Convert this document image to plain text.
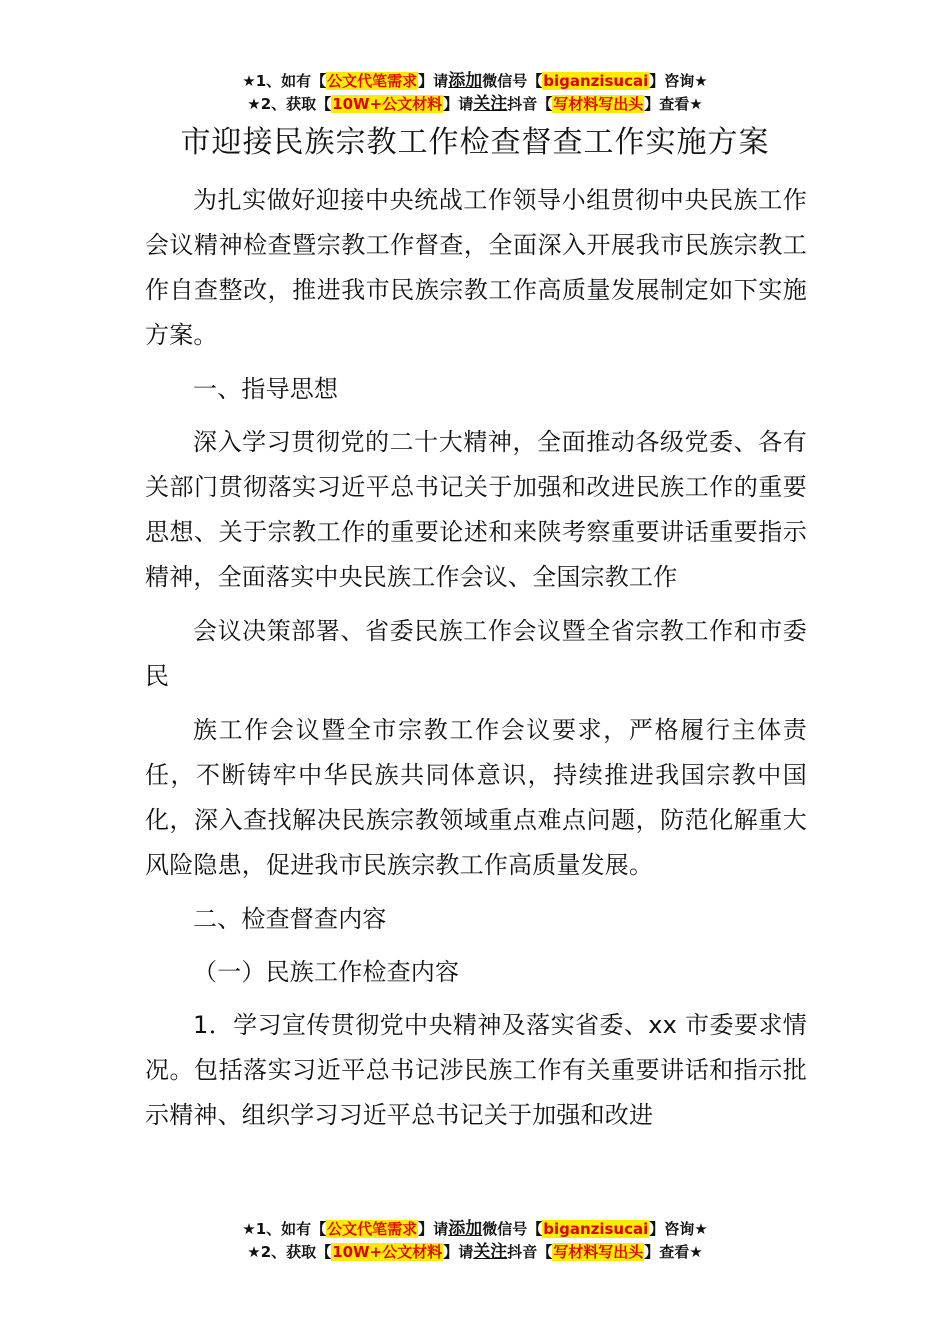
★1、如有【公文代笔需求】请添加微信号【biganzisucai】咨询★
★2、获取【10W+公文材料】请关注抖音【写材料写出头】查看★
市迎接民族宗教工作检查督查工作实施方案

为扎实做好迎接中央统战工作领导小组贯彻中央民族工作会议精神检查暨宗教工作督查，全面深入开展我市民族宗教工作自查整改，推进我市民族宗教工作高质量发展制定如下实施方案。

一、指导思想

深入学习贯彻党的二十大精神，全面推动各级党委、各有关部门贯彻落实习近平总书记关于加强和改进民族工作的重要思想、关于宗教工作的重要论述和来陕考察重要讲话重要指示精神，全面落实中央民族工作会议、全国宗教工作

会议决策部署、省委民族工作会议暨全省宗教工作和市委民

族工作会议暨全市宗教工作会议要求，严格履行主体责任，不断铸牢中华民族共同体意识，持续推进我国宗教中国化，深入查找解决民族宗教领域重点难点问题，防范化解重大风险隐患，促进我市民族宗教工作高质量发展。

二、检查督查内容

（一）民族工作检查内容

1．学习宣传贯彻党中央精神及落实省委、xx 市委要求情况。包括落实习近平总书记涉民族工作有关重要讲话和指示批示精神、组织学习习近平总书记关于加强和改进

★1、如有【公文代笔需求】请添加微信号【biganzisucai】咨询★
★2、获取【10W+公文材料】请关注抖音【写材料写出头】查看★
